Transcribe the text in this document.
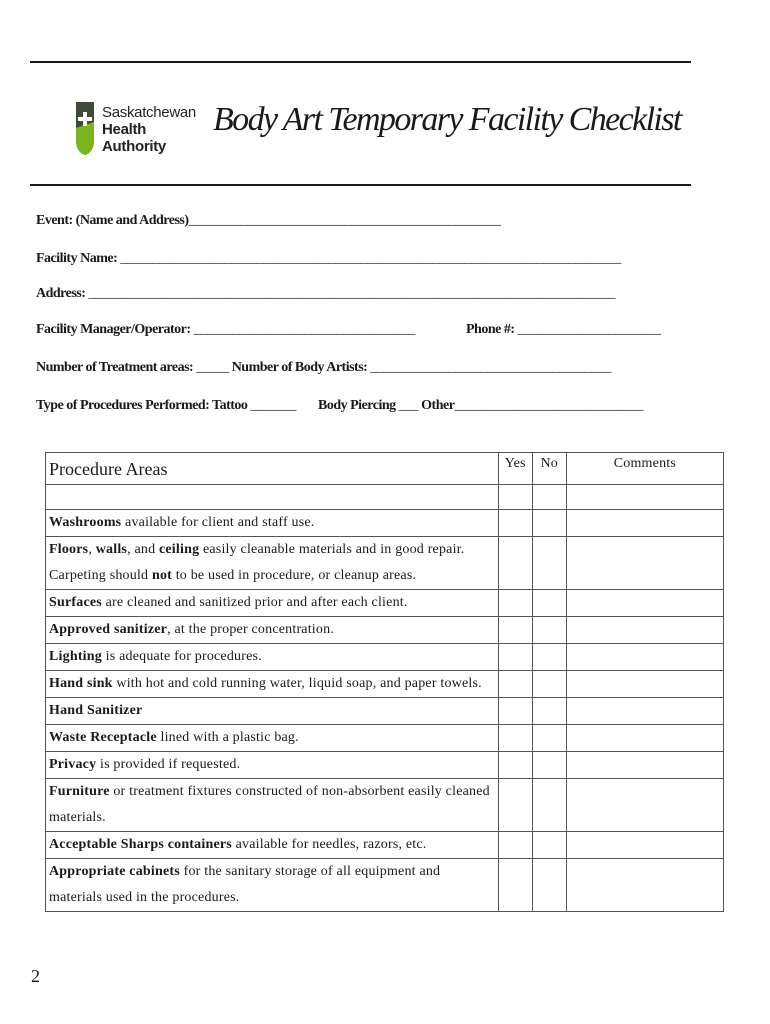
Saskatchewan
Health Authority
Body Art Temporary Facility Checklist
Event: (Name and Address)________________________________________________
Facility Name: _____________________________________________________________________________
Address: _________________________________________________________________________________
Facility Manager/Operator: __________________________________	Phone #: ______________________
Number of Treatment areas: _____ Number of Body Artists: _____________________________________
Type of Procedures Performed: Tattoo _______ Body Piercing ___ Other_____________________________
Procedure Areas	Yes	No	Comments

Washrooms available for client and staff use.			
Floors, walls, and ceiling easily cleanable materials and in good repair. Carpeting should not to be used in procedure, or cleanup areas.			
Surfaces are cleaned and sanitized prior and after each client.			
Approved sanitizer, at the proper concentration.			
Lighting is adequate for procedures.			
Hand sink with hot and cold running water, liquid soap, and paper towels.			
Hand Sanitizer			
Waste Receptacle lined with a plastic bag.			
Privacy is provided if requested.			
Furniture or treatment fixtures constructed of non-absorbent easily cleaned materials.			
Acceptable Sharps containers available for needles, razors, etc.			
Appropriate cabinets for the sanitary storage of all equipment and materials used in the procedures.			
2
